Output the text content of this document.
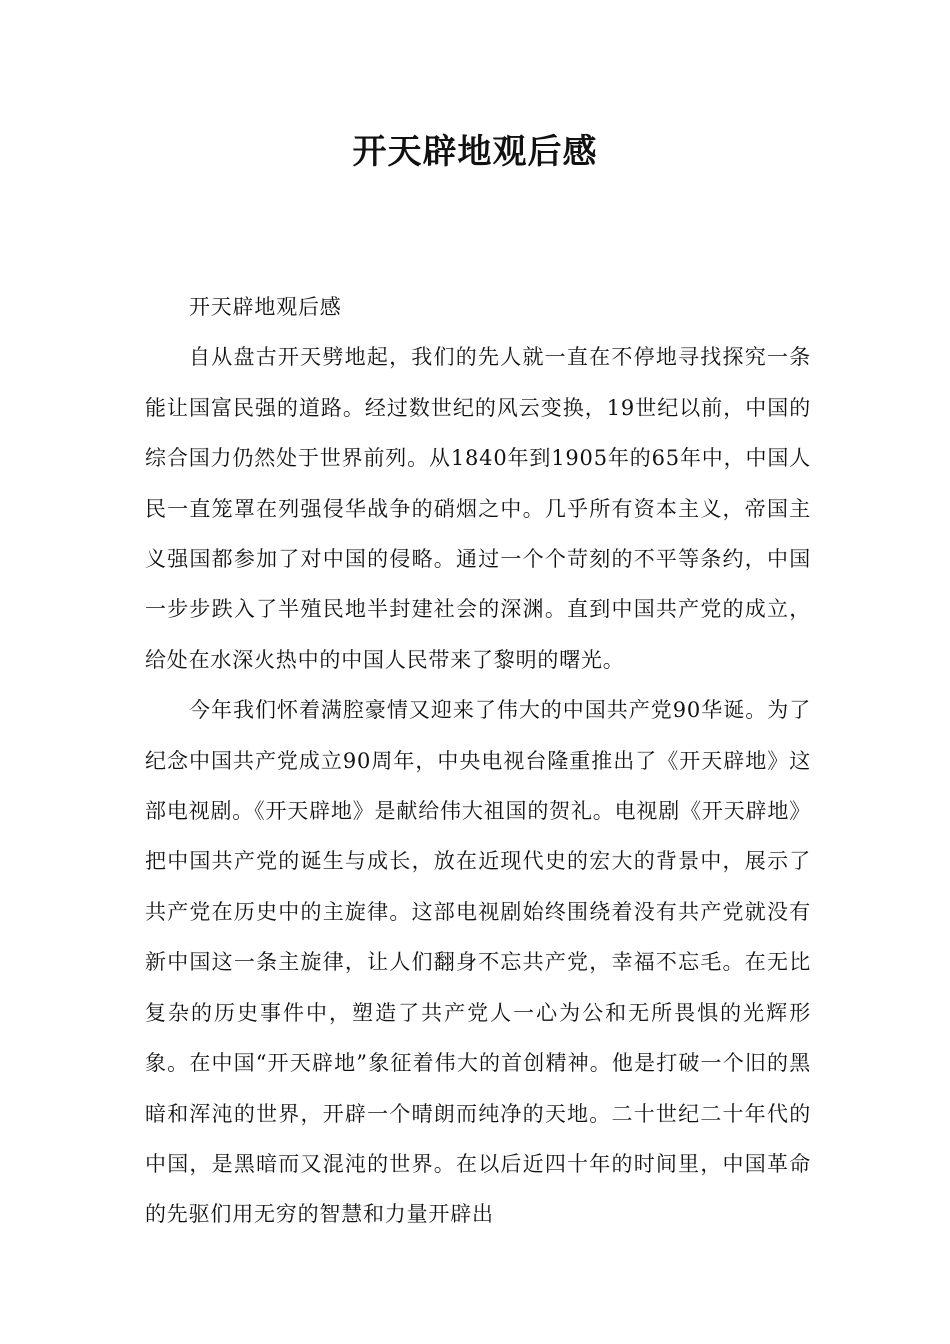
开天辟地观后感

开天辟地观后感

自从盘古开天劈地起，我们的先人就一直在不停地寻找探究一条能让国富民强的道路。经过数世纪的风云变换，19世纪以前，中国的综合国力仍然处于世界前列。从1840年到1905年的65年中，中国人民一直笼罩在列强侵华战争的硝烟之中。几乎所有资本主义，帝国主义强国都参加了对中国的侵略。通过一个个苛刻的不平等条约，中国一步步跌入了半殖民地半封建社会的深渊。直到中国共产党的成立，给处在水深火热中的中国人民带来了黎明的曙光。

今年我们怀着满腔豪情又迎来了伟大的中国共产党90华诞。为了纪念中国共产党成立90周年，中央电视台隆重推出了《开天辟地》这部电视剧。《开天辟地》是献给伟大祖国的贺礼。电视剧《开天辟地》把中国共产党的诞生与成长，放在近现代史的宏大的背景中，展示了共产党在历史中的主旋律。这部电视剧始终围绕着没有共产党就没有新中国这一条主旋律，让人们翻身不忘共产党，幸福不忘毛。在无比复杂的历史事件中，塑造了共产党人一心为公和无所畏惧的光辉形象。在中国“开天辟地”象征着伟大的首创精神。他是打破一个旧的黑暗和浑沌的世界，开辟一个晴朗而纯净的天地。二十世纪二十年代的中国，是黑暗而又混沌的世界。在以后近四十年的时间里，中国革命的先驱们用无穷的智慧和力量开辟出
